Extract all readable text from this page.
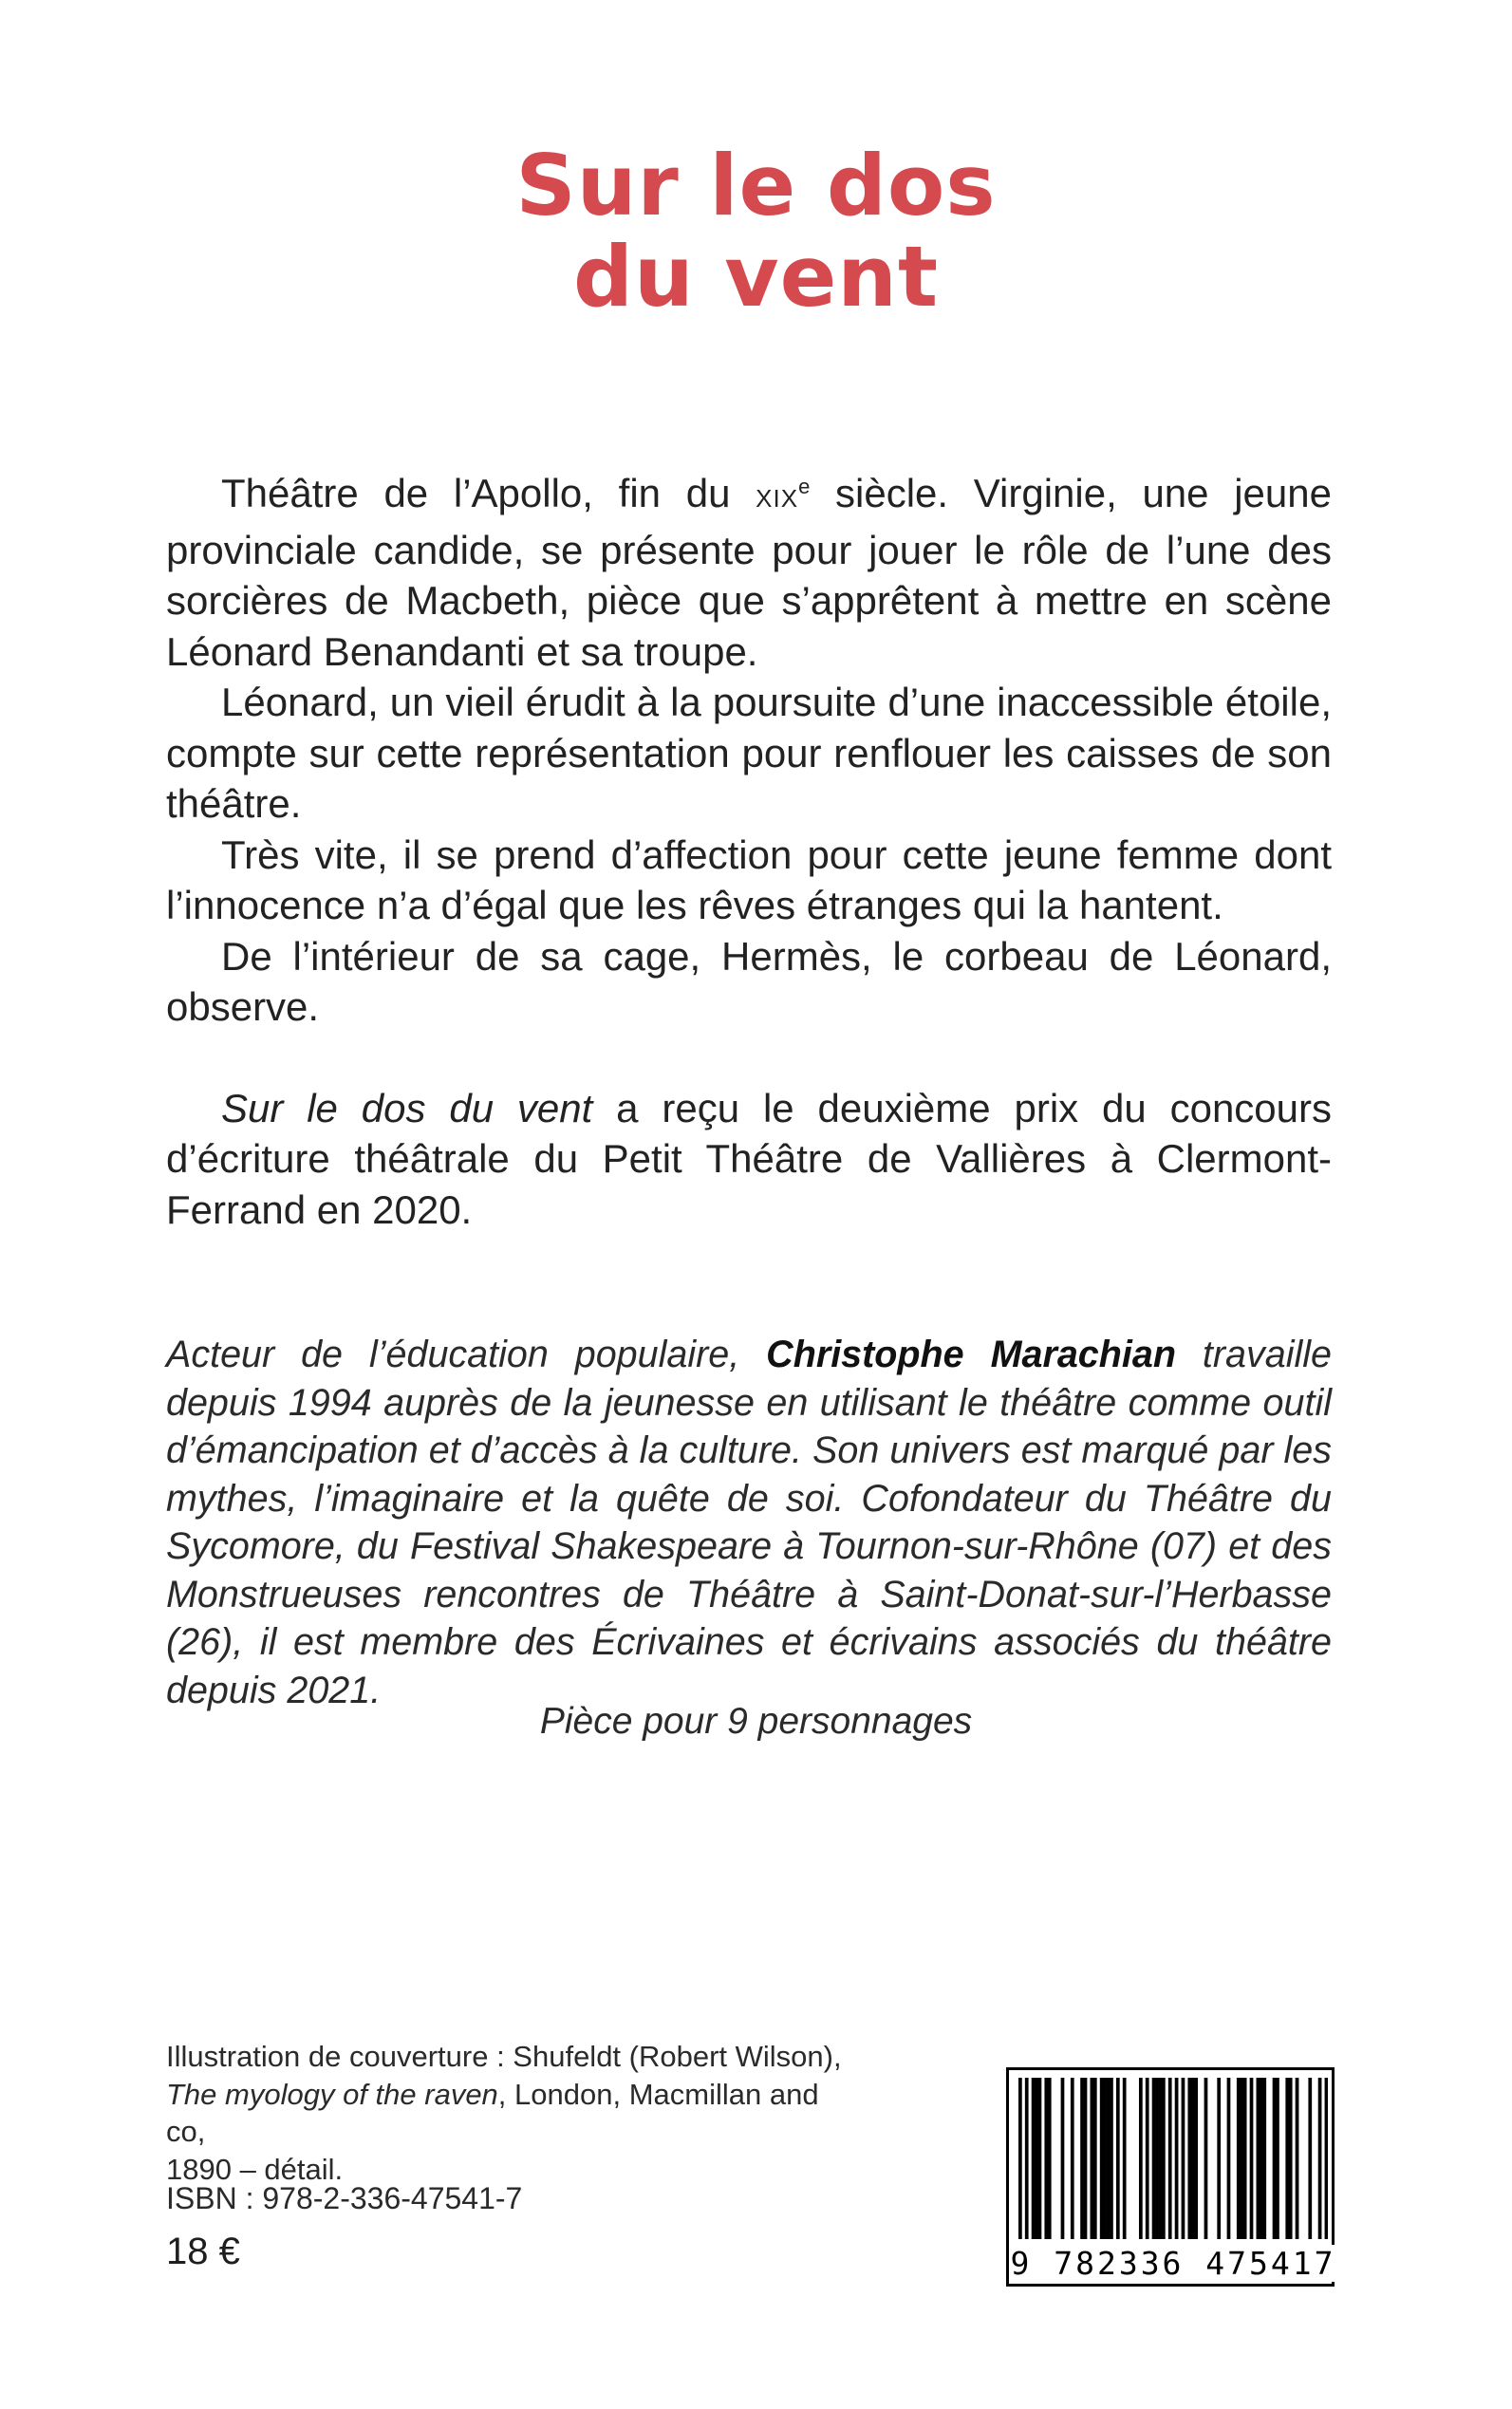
Sur le dos
du vent

Théâtre de l’Apollo, fin du XIXe siècle. Virginie, une jeune provinciale candide, se présente pour jouer le rôle de l’une des sorcières de Macbeth, pièce que s’apprêtent à mettre en scène Léonard Benandanti et sa troupe.

Léonard, un vieil érudit à la poursuite d’une inaccessible étoile, compte sur cette représentation pour renflouer les caisses de son théâtre.

Très vite, il se prend d’affection pour cette jeune femme dont l’innocence n’a d’égal que les rêves étranges qui la hantent.

De l’intérieur de sa cage, Hermès, le corbeau de Léonard, observe.

Sur le dos du vent a reçu le deuxième prix du concours d’écriture théâtrale du Petit Théâtre de Vallières à Clermont-Ferrand en 2020.

Acteur de l’éducation populaire, Christophe Marachian travaille depuis 1994 auprès de la jeunesse en utilisant le théâtre comme outil d’émancipation et d’accès à la culture. Son univers est marqué par les mythes, l’imaginaire et la quête de soi. Cofondateur du Théâtre du Sycomore, du Festival Shakespeare à Tournon-sur-Rhône (07) et des Monstrueuses rencontres de Théâtre à Saint-Donat-sur-l’Herbasse (26), il est membre des Écrivaines et écrivains associés du théâtre depuis 2021.
Pièce pour 9 personnages
Illustration de couverture : Shufeldt (Robert Wilson),
The myology of the raven, London, Macmillan and co,
1890 – détail.
ISBN : 978-2-336-47541-7
18 €	9 782336 475417
